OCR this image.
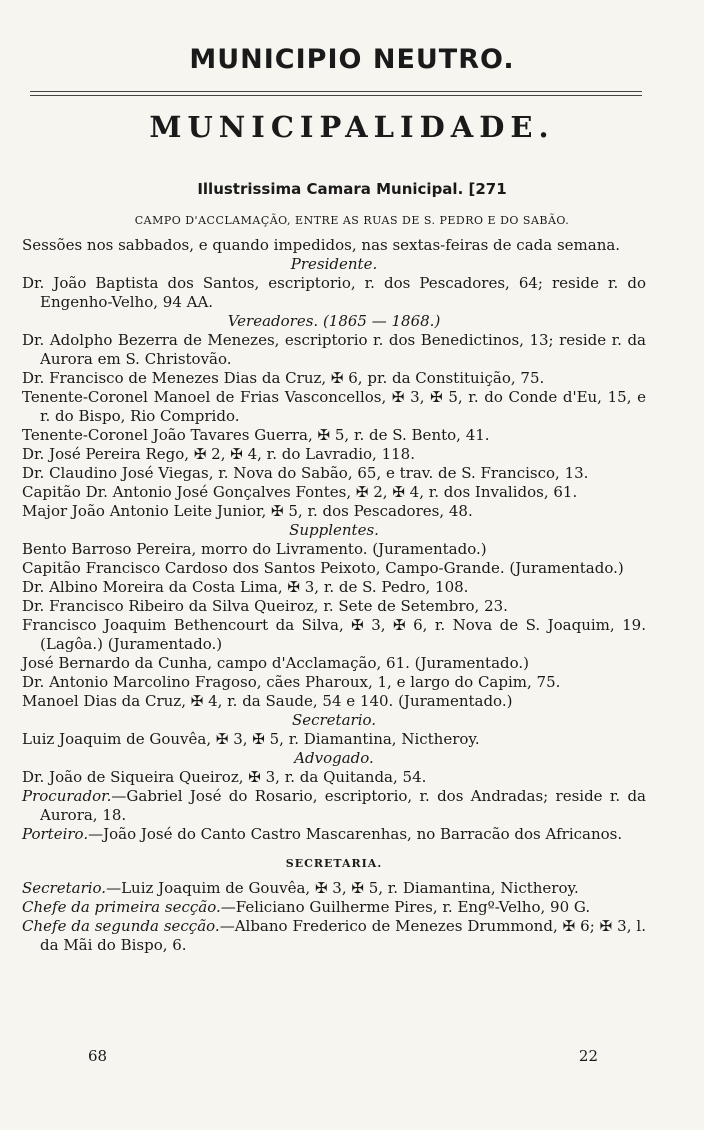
MUNICIPIO NEUTRO.
MUNICIPALIDADE.
Illustrissima Camara Municipal. [271
CAMPO D'ACCLAMAÇÃO, ENTRE AS RUAS DE S. PEDRO E DO SABÃO.

Sessões nos sabbados, e quando impedidos, nas sextas-feiras de cada semana.

Presidente.

Dr. João Baptista dos Santos, escriptorio, r. dos Pescadores, 64; reside r. do Engenho-Velho, 94 AA.

Vereadores. (1865 — 1868.)

Dr. Adolpho Bezerra de Menezes, escriptorio r. dos Benedictinos, 13; reside r. da Aurora em S. Christovão.

Dr. Francisco de Menezes Dias da Cruz, ✠ 6, pr. da Constituição, 75.

Tenente-Coronel Manoel de Frias Vasconcellos, ✠ 3, ✠ 5, r. do Conde d'Eu, 15, e r. do Bispo, Rio Comprido.

Tenente-Coronel João Tavares Guerra, ✠ 5, r. de S. Bento, 41.

Dr. José Pereira Rego, ✠ 2, ✠ 4, r. do Lavradio, 118.

Dr. Claudino José Viegas, r. Nova do Sabão, 65, e trav. de S. Francisco, 13.

Capitão Dr. Antonio José Gonçalves Fontes, ✠ 2, ✠ 4, r. dos Invalidos, 61.

Major João Antonio Leite Junior, ✠ 5, r. dos Pescadores, 48.

Supplentes.

Bento Barroso Pereira, morro do Livramento. (Juramentado.)

Capitão Francisco Cardoso dos Santos Peixoto, Campo-Grande. (Juramentado.)

Dr. Albino Moreira da Costa Lima, ✠ 3, r. de S. Pedro, 108.

Dr. Francisco Ribeiro da Silva Queiroz, r. Sete de Setembro, 23.

Francisco Joaquim Bethencourt da Silva, ✠ 3, ✠ 6, r. Nova de S. Joaquim, 19. (Lagôa.) (Juramentado.)

José Bernardo da Cunha, campo d'Acclamação, 61. (Juramentado.)

Dr. Antonio Marcolino Fragoso, cães Pharoux, 1, e largo do Capim, 75.

Manoel Dias da Cruz, ✠ 4, r. da Saude, 54 e 140. (Juramentado.)

Secretario.

Luiz Joaquim de Gouvêa, ✠ 3, ✠ 5, r. Diamantina, Nictheroy.

Advogado.

Dr. João de Siqueira Queiroz, ✠ 3, r. da Quitanda, 54.

Procurador.—Gabriel José do Rosario, escriptorio, r. dos Andradas; reside r. da Aurora, 18.

Porteiro.—João José do Canto Castro Mascarenhas, no Barracão dos Africanos.

SECRETARIA.

Secretario.—Luiz Joaquim de Gouvêa, ✠ 3, ✠ 5, r. Diamantina, Nictheroy.

Chefe da primeira secção.—Feliciano Guilherme Pires, r. Engº-Velho, 90 G.

Chefe da segunda secção.—Albano Frederico de Menezes Drummond, ✠ 6; ✠ 3, l. da Mãi do Bispo, 6.

68	22
